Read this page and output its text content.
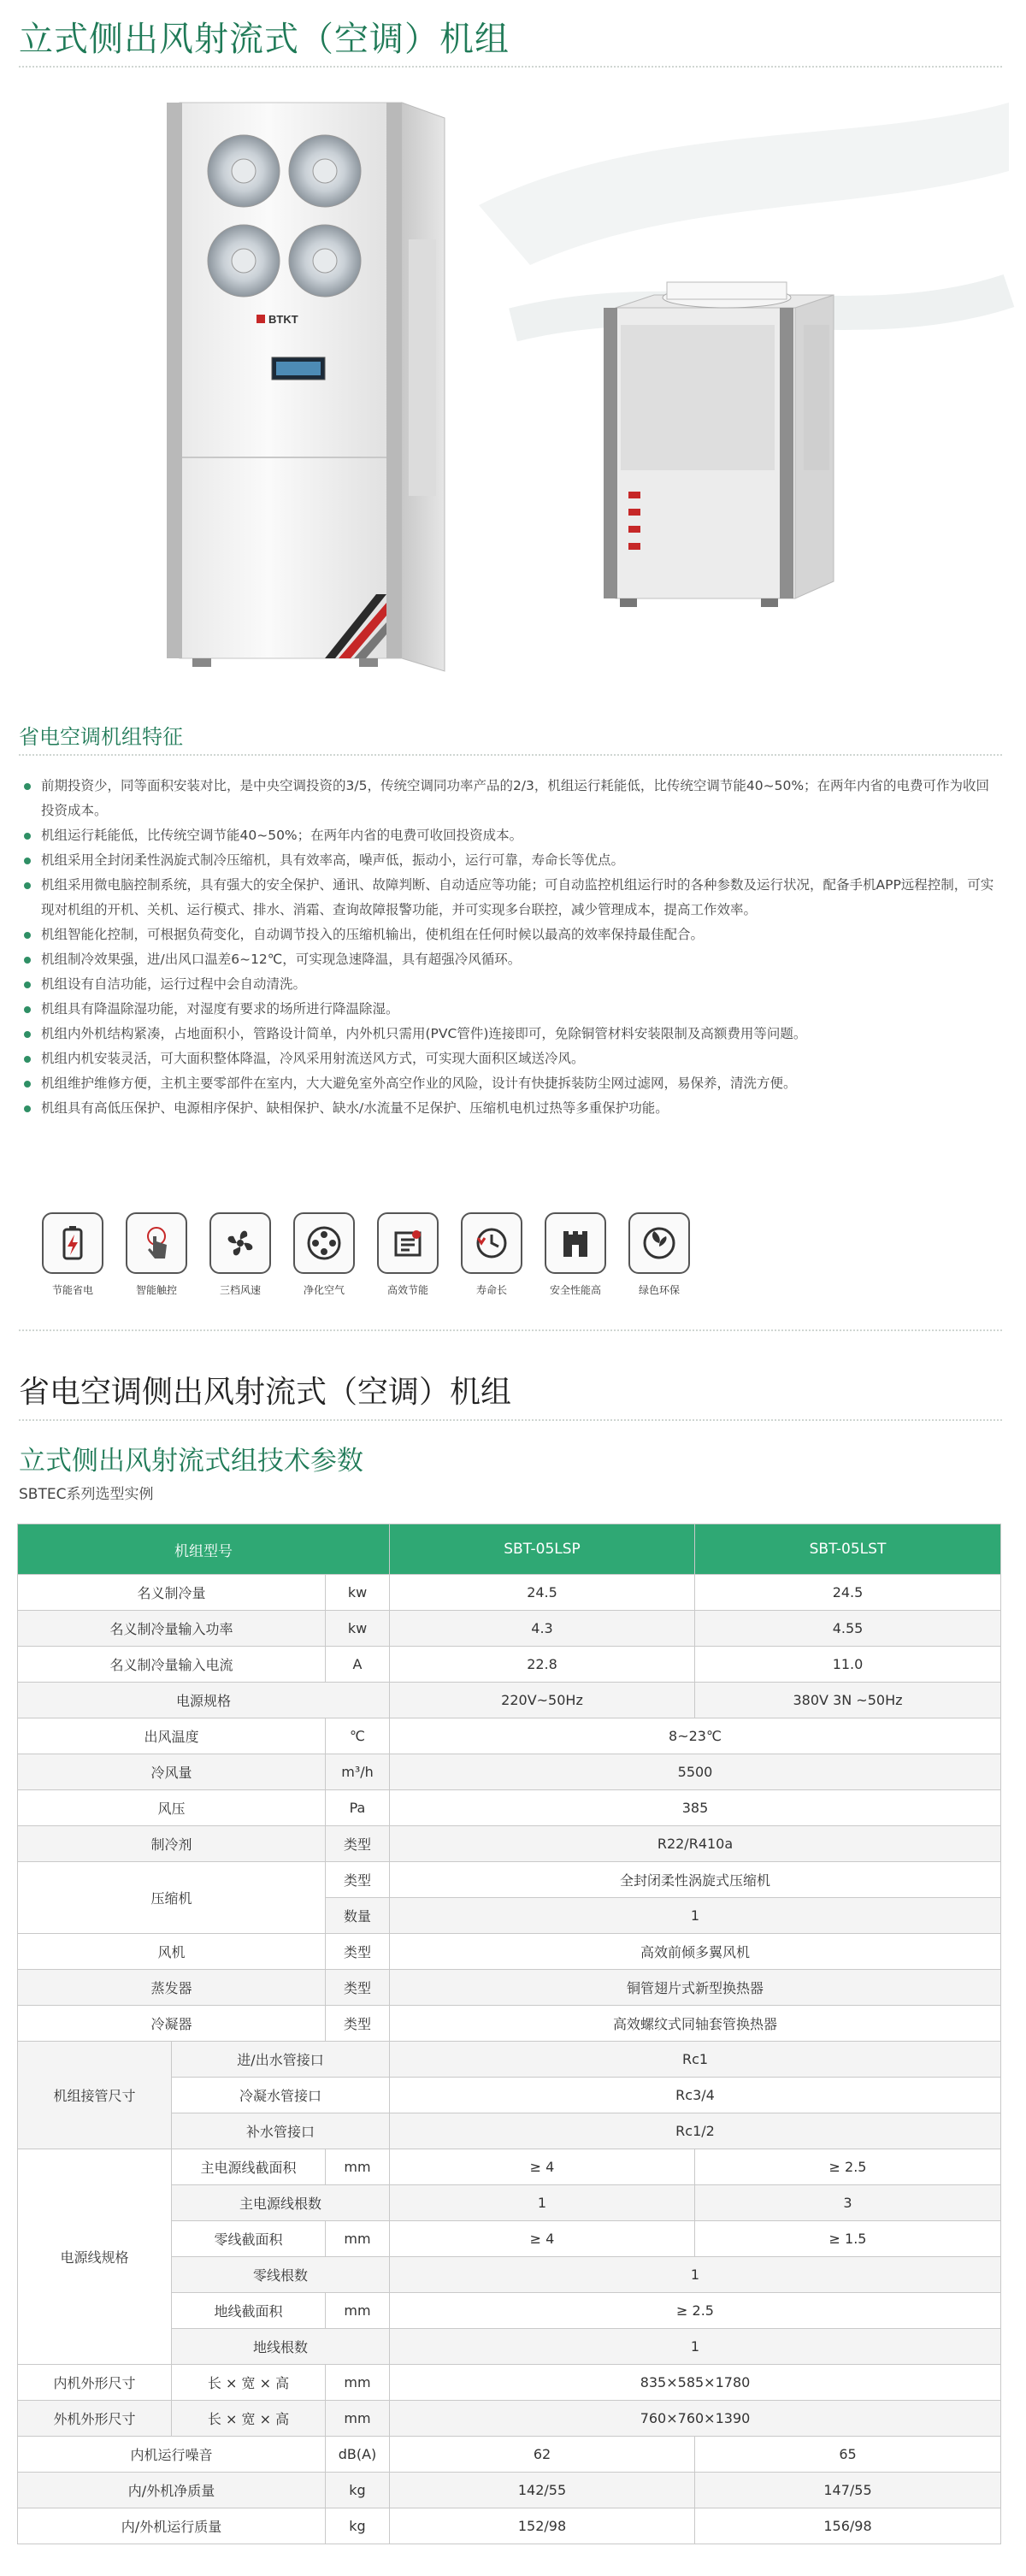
立式侧出风射流式（空调）机组
BTKT
省电空调机组特征
前期投资少，同等面积安装对比，是中央空调投资的3/5，传统空调同功率产品的2/3，机组运行耗能低，比传统空调节能40~50%；在两年内省的电费可作为收回投资成本。
机组运行耗能低，比传统空调节能40~50%；在两年内省的电费可收回投资成本。
机组采用全封闭柔性涡旋式制冷压缩机，具有效率高，噪声低，振动小，运行可靠，寿命长等优点。
机组采用微电脑控制系统，具有强大的安全保护、通讯、故障判断、自动适应等功能；可自动监控机组运行时的各种参数及运行状况，配备手机APP远程控制，可实现对机组的开机、关机、运行模式、排水、消霜、查询故障报警功能，并可实现多台联控，减少管理成本，提高工作效率。
机组智能化控制，可根据负荷变化，自动调节投入的压缩机输出，使机组在任何时候以最高的效率保持最佳配合。
机组制冷效果强，进/出风口温差6~12℃，可实现急速降温，具有超强冷风循环。
机组设有自洁功能，运行过程中会自动清洗。
机组具有降温除湿功能，对湿度有要求的场所进行降温除湿。
机组内外机结构紧凑，占地面积小，管路设计简单，内外机只需用(PVC管件)连接即可，免除铜管材料安装限制及高额费用等问题。
机组内机安装灵活，可大面积整体降温，冷风采用射流送风方式，可实现大面积区域送冷风。
机组维护维修方便，主机主要零部件在室内，大大避免室外高空作业的风险，设计有快捷拆装防尘网过滤网，易保养，清洗方便。
机组具有高低压保护、电源相序保护、缺相保护、缺水/水流量不足保护、压缩机电机过热等多重保护功能。
节能省电	智能触控	三档风速	净化空气	高效节能	寿命长	安全性能高	绿色环保
省电空调侧出风射流式（空调）机组
立式侧出风射流式组技术参数
SBTEC系列选型实例
机组型号			SBT-05LSP	SBT-05LST
名义制冷量		kw	24.5	24.5
名义制冷量输入功率		kw	4.3	4.55
名义制冷量输入电流		A	22.8	11.0
电源规格			220V~50Hz	380V 3N ~50Hz
出风温度		℃	8~23℃	
冷风量		m³/h	5500	
风压		Pa	385	
制冷剂		类型	R22/R410a	
压缩机		类型	全封闭柔性涡旋式压缩机	
		数量	1	
风机		类型	高效前倾多翼风机	
蒸发器		类型	铜管翅片式新型换热器	
冷凝器		类型	高效螺纹式同轴套管换热器	
机组接管尺寸	进/出水管接口		Rc1	
	冷凝水管接口		Rc3/4	
	补水管接口		Rc1/2	
电源线规格	主电源线截面积	mm	≥ 4	≥ 2.5
	主电源线根数		1	3
	零线截面积	mm	≥ 4	≥ 1.5
	零线根数		1	
	地线截面积	mm	≥ 2.5	
	地线根数		1	
内机外形尺寸	长 × 宽 × 高	mm	835×585×1780	
外机外形尺寸	长 × 宽 × 高	mm	760×760×1390	
内机运行噪音		dB(A)	62	65
内/外机净质量		kg	142/55	147/55
内/外机运行质量		kg	152/98	156/98
